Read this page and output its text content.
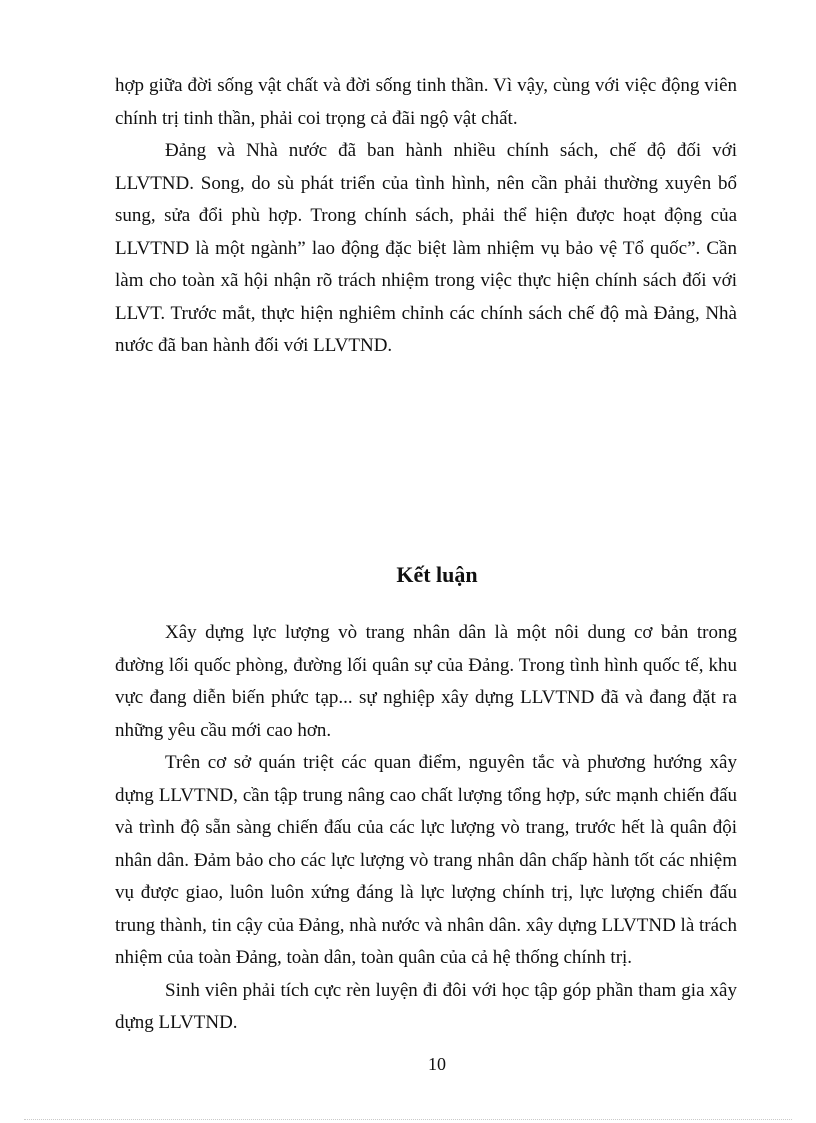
hợp giữa đời sống vật chất và đời sống tinh thần. Vì vậy, cùng với việc động viên chính trị tinh thần, phải coi trọng cả đãi ngộ vật chất.

Đảng và Nhà nước đã ban hành nhiều chính sách, chế độ đối với LLVTND. Song, do sù phát triển của tình hình, nên cần phải thường xuyên bổ sung, sửa đổi phù hợp. Trong chính sách, phải thể hiện được hoạt động của LLVTND là một ngành” lao động đặc biệt làm nhiệm vụ bảo vệ Tổ quốc”. Cần làm cho toàn xã hội nhận rõ trách nhiệm trong việc thực hiện chính sách đối với LLVT. Trước mắt, thực hiện nghiêm chỉnh các chính sách chế độ mà Đảng, Nhà nước đã ban hành đối với LLVTND.

Kết luận

Xây dựng lực lượng vò trang nhân dân là một nôi dung cơ bản trong đường lối quốc phòng, đường lối quân sự của Đảng. Trong tình hình quốc tế, khu vực đang diễn biến phức tạp... sự nghiệp xây dựng LLVTND đã và đang đặt ra những yêu cầu mới cao hơn.

Trên cơ sở quán triệt các quan điểm, nguyên tắc và phương hướng xây dựng LLVTND, cần tập trung nâng cao chất lượng tổng hợp, sức mạnh chiến đấu và trình độ sẵn sàng chiến đấu của các lực lượng vò trang, trước hết là quân đội nhân dân. Đảm bảo cho các lực lượng vò trang nhân dân chấp hành tốt các nhiệm vụ được giao, luôn luôn xứng đáng là lực lượng chính trị, lực lượng chiến đấu trung thành, tin cậy của Đảng, nhà nước và nhân dân. xây dựng LLVTND là trách nhiệm của toàn Đảng, toàn dân, toàn quân của cả hệ thống chính trị.

Sinh viên phải tích cực rèn luyện đi đôi với học tập góp phần tham gia xây dựng LLVTND.

10
